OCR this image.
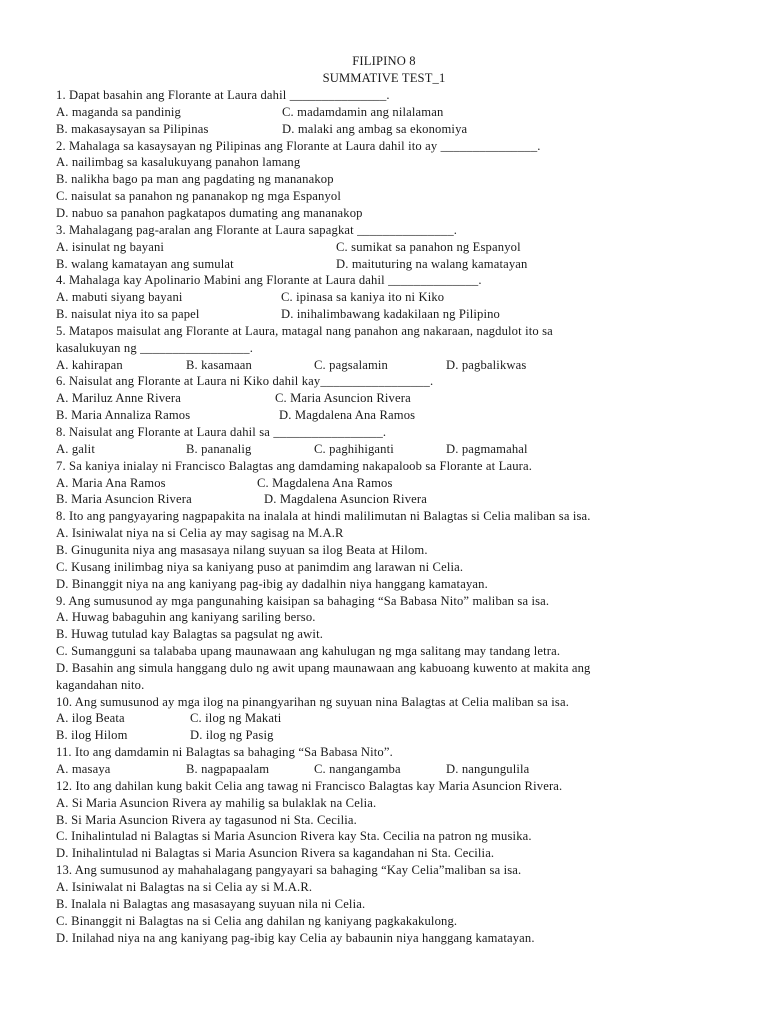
FILIPINO 8
SUMMATIVE TEST_1
1. Dapat basahin ang Florante at Laura dahil _______________.
A. maganda sa pandinig	C. madamdamin ang nilalaman
B. makasaysayan sa Pilipinas	D. malaki ang ambag sa ekonomiya
2. Mahalaga sa kasaysayan ng Pilipinas ang Florante at Laura dahil ito ay _______________.
A. nailimbag sa kasalukuyang panahon lamang
B. nalikha bago pa man ang pagdating ng mananakop
C. naisulat sa panahon ng pananakop ng mga Espanyol
D. nabuo sa panahon pagkatapos dumating ang mananakop
3. Mahalagang pag-aralan ang Florante at Laura sapagkat _______________.
A. isinulat ng bayani	C. sumikat sa panahon ng Espanyol
B. walang kamatayan ang sumulat	D. maituturing na walang kamatayan
4. Mahalaga kay Apolinario Mabini ang Florante at Laura dahil ______________.
A. mabuti siyang bayani	C. ipinasa sa kaniya ito ni Kiko
B. naisulat niya ito sa papel	D. inihalimbawang kadakilaan ng Pilipino
5. Matapos maisulat ang Florante at Laura, matagal nang panahon ang nakaraan, nagdulot ito sa
kasalukuyan ng _________________.
A. kahirapan	B. kasamaan	C. pagsalamin	D. pagbalikwas
6. Naisulat ang Florante at Laura ni Kiko dahil kay_________________.
A. Mariluz Anne Rivera	C. Maria Asuncion Rivera
B. Maria Annaliza Ramos	D. Magdalena Ana Ramos
8. Naisulat ang Florante at Laura dahil sa _________________.
A. galit	B. pananalig	C. paghihiganti	D. pagmamahal
7. Sa kaniya inialay ni Francisco Balagtas ang damdaming nakapaloob sa Florante at Laura.
A. Maria Ana Ramos	C. Magdalena Ana Ramos
B. Maria Asuncion Rivera	D. Magdalena Asuncion Rivera
8. Ito ang pangyayaring nagpapakita na inalala at hindi malilimutan ni Balagtas si Celia maliban sa isa.
A. Isiniwalat niya na si Celia ay may sagisag na M.A.R
B. Ginugunita niya ang masasaya nilang suyuan sa ilog Beata at Hilom.
C. Kusang inilimbag niya sa kaniyang puso at panimdim ang larawan ni Celia.
D. Binanggit niya na ang kaniyang pag-ibig ay dadalhin niya hanggang kamatayan.
9. Ang sumusunod ay mga pangunahing kaisipan sa bahaging “Sa Babasa Nito” maliban sa isa.
A. Huwag babaguhin ang kaniyang sariling berso.
B. Huwag tutulad kay Balagtas sa pagsulat ng awit.
C. Sumangguni sa talababa upang maunawaan ang kahulugan ng mga salitang may tandang letra.
D. Basahin ang simula hanggang dulo ng awit upang maunawaan ang kabuoang kuwento at makita ang
kagandahan nito.
10. Ang sumusunod ay mga ilog na pinangyarihan ng suyuan nina Balagtas at Celia maliban sa isa.
A. ilog Beata	C. ilog ng Makati
B. ilog Hilom	D. ilog ng Pasig
11. Ito ang damdamin ni Balagtas sa bahaging “Sa Babasa Nito”.
A. masaya	B. nagpapaalam	C. nangangamba	D. nangungulila
12. Ito ang dahilan kung bakit Celia ang tawag ni Francisco Balagtas kay Maria Asuncion Rivera.
A. Si Maria Asuncion Rivera ay mahilig sa bulaklak na Celia.
B. Si Maria Asuncion Rivera ay tagasunod ni Sta. Cecilia.
C. Inihalintulad ni Balagtas si Maria Asuncion Rivera kay Sta. Cecilia na patron ng musika.
D. Inihalintulad ni Balagtas si Maria Asuncion Rivera sa kagandahan ni Sta. Cecilia.
13. Ang sumusunod ay mahahalagang pangyayari sa bahaging “Kay Celia”maliban sa isa.
A. Isiniwalat ni Balagtas na si Celia ay si M.A.R.
B. Inalala ni Balagtas ang masasayang suyuan nila ni Celia.
C. Binanggit ni Balagtas na si Celia ang dahilan ng kaniyang pagkakakulong.
D. Inilahad niya na ang kaniyang pag-ibig kay Celia ay babaunin niya hanggang kamatayan.
